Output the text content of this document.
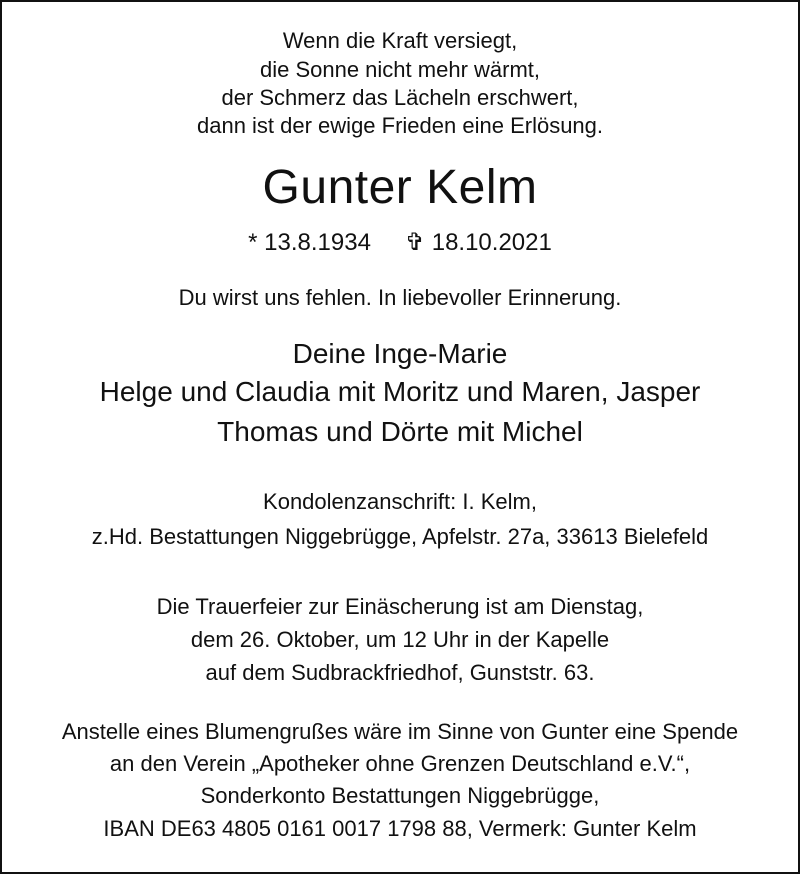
Wenn die Kraft versiegt,
die Sonne nicht mehr wärmt,
der Schmerz das Lächeln erschwert,
dann ist der ewige Frieden eine Erlösung.
Gunter Kelm
* 13.8.1934 ✞ 18.10.2021
Du wirst uns fehlen. In liebevoller Erinnerung.
Deine Inge-Marie
Helge und Claudia mit Moritz und Maren, Jasper
Thomas und Dörte mit Michel
Kondolenzanschrift: I. Kelm,
z.Hd. Bestattungen Niggebrügge, Apfelstr. 27a, 33613 Bielefeld
Die Trauerfeier zur Einäscherung ist am Dienstag,
dem 26. Oktober, um 12 Uhr in der Kapelle
auf dem Sudbrackfriedhof, Gunststr. 63.
Anstelle eines Blumengrußes wäre im Sinne von Gunter eine Spende
an den Verein „Apotheker ohne Grenzen Deutschland e.V.“,
Sonderkonto Bestattungen Niggebrügge,
IBAN DE63 4805 0161 0017 1798 88, Vermerk: Gunter Kelm
